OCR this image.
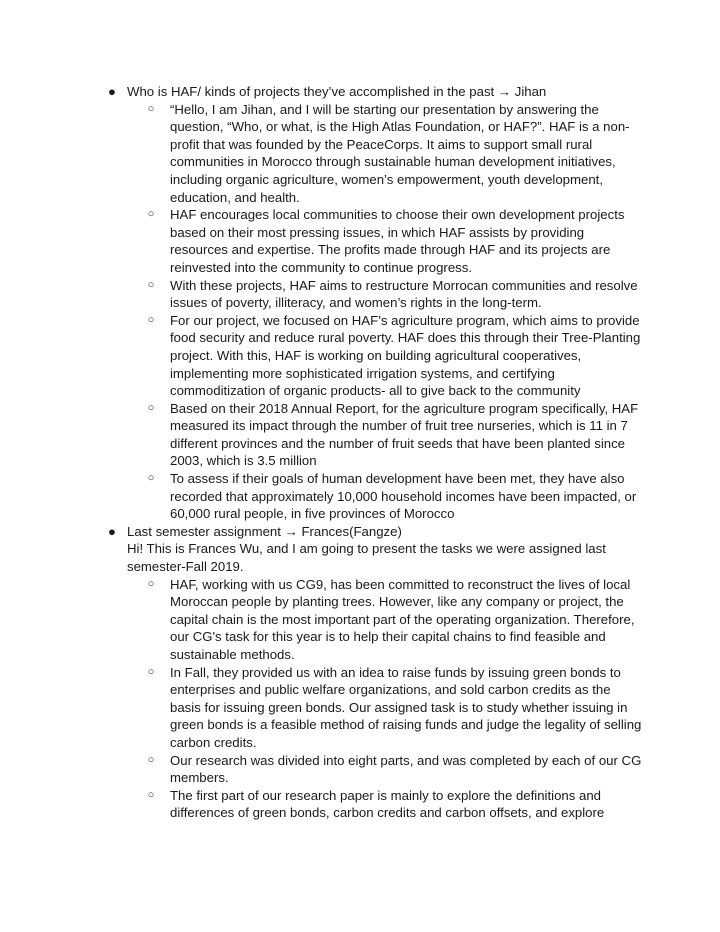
● Who is HAF/ kinds of projects they’ve accomplished in the past → Jihan

○ “Hello, I am Jihan, and I will be starting our presentation by answering the question, “Who, or what, is the High Atlas Foundation, or HAF?”. HAF is a non-profit that was founded by the PeaceCorps. It aims to support small rural communities in Morocco through sustainable human development initiatives, including organic agriculture, women’s empowerment, youth development, education, and health.

○ HAF encourages local communities to choose their own development projects based on their most pressing issues, in which HAF assists by providing resources and expertise. The profits made through HAF and its projects are reinvested into the community to continue progress.

○ With these projects, HAF aims to restructure Morrocan communities and resolve issues of poverty, illiteracy, and women’s rights in the long-term.

○ For our project, we focused on HAF’s agriculture program, which aims to provide food security and reduce rural poverty. HAF does this through their Tree-Planting project. With this, HAF is working on building agricultural cooperatives, implementing more sophisticated irrigation systems, and certifying commoditization of organic products- all to give back to the community

○ Based on their 2018 Annual Report, for the agriculture program specifically, HAF measured its impact through the number of fruit tree nurseries, which is 11 in 7 different provinces and the number of fruit seeds that have been planted since 2003, which is 3.5 million

○ To assess if their goals of human development have been met, they have also recorded that approximately 10,000 household incomes have been impacted, or 60,000 rural people, in five provinces of Morocco

● Last semester assignment → Frances(Fangze)

Hi! This is Frances Wu, and I am going to present the tasks we were assigned last semester-Fall 2019.

○ HAF, working with us CG9, has been committed to reconstruct the lives of local Moroccan people by planting trees. However, like any company or project, the capital chain is the most important part of the operating organization. Therefore, our CG's task for this year is to help their capital chains to find feasible and sustainable methods.

○ In Fall, they provided us with an idea to raise funds by issuing green bonds to enterprises and public welfare organizations, and sold carbon credits as the basis for issuing green bonds. Our assigned task is to study whether issuing in green bonds is a feasible method of raising funds and judge the legality of selling carbon credits.

○ Our research was divided into eight parts, and was completed by each of our CG members.

○ The first part of our research paper is mainly to explore the definitions and differences of green bonds, carbon credits and carbon offsets, and explore
